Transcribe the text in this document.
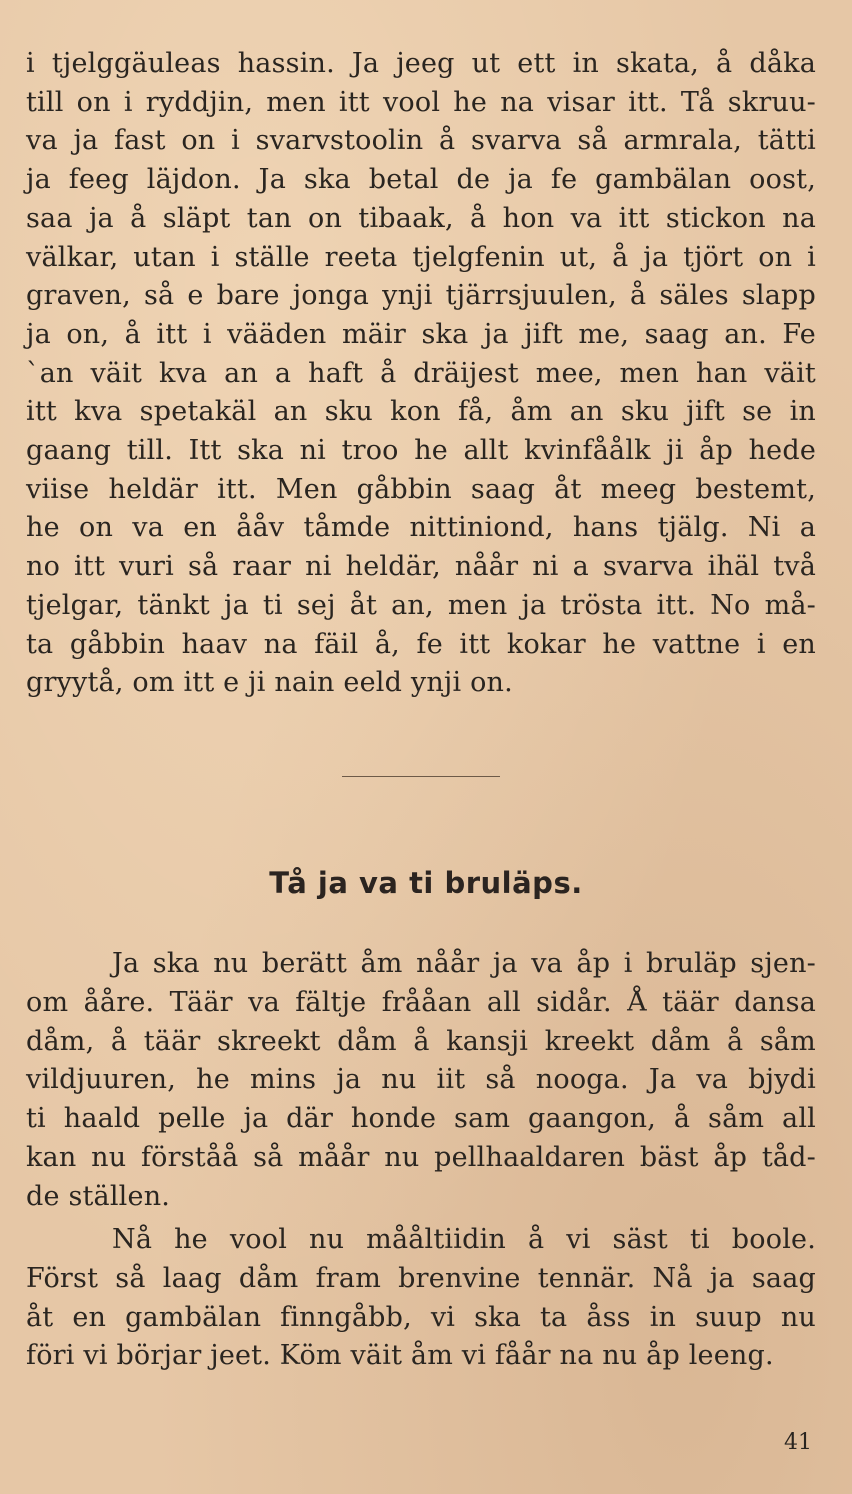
i tjelggäuleas hassin. Ja jeeg ut ett in skata, å dåka
till on i ryddjin, men itt vool he na visar itt. Tå skruu-
va ja fast on i svarvstoolin å svarva så armrala, tätti
ja feeg läjdon. Ja ska betal de ja fe gambälan oost,
saa ja å släpt tan on tibaak, å hon va itt stickon na
välkar, utan i ställe reeta tjelgfenin ut, å ja tjört on i
graven, så e bare jonga ynji tjärrsjuulen, å säles slapp
ja on, å itt i vääden mäir ska ja jift me, saag an. Fe
`an väit kva an a haft å dräijest mee, men han väit
itt kva spetakäl an sku kon få, åm an sku jift se in
gaang till. Itt ska ni troo he allt kvinfåålk ji åp hede
viise heldär itt. Men gåbbin saag åt meeg bestemt,
he on va en ååv tåmde nittiniond, hans tjälg. Ni a
no itt vuri så raar ni heldär, nåår ni a svarva ihäl två
tjelgar, tänkt ja ti sej åt an, men ja trösta itt. No må-
ta gåbbin haav na fäil å, fe itt kokar he vattne i en
gryytå, om itt e ji nain eeld ynji on.
Tå ja va ti bruläps.
Ja ska nu berätt åm nåår ja va åp i bruläp sjen-
om ååre. Täär va fältje frååan all sidår. Å täär dansa
dåm, å täär skreekt dåm å kansji kreekt dåm å såm
vildjuuren, he mins ja nu iit så nooga. Ja va bjydi
ti haald pelle ja där honde sam gaangon, å såm all
kan nu förståå så måår nu pellhaaldaren bäst åp tåd-
de ställen.
Nå he vool nu mååltiidin å vi säst ti boole.
Först så laag dåm fram brenvine tennär. Nå ja saag
åt en gambälan finngåbb, vi ska ta åss in suup nu
föri vi börjar jeet. Köm väit åm vi fåår na nu åp leeng.
41
